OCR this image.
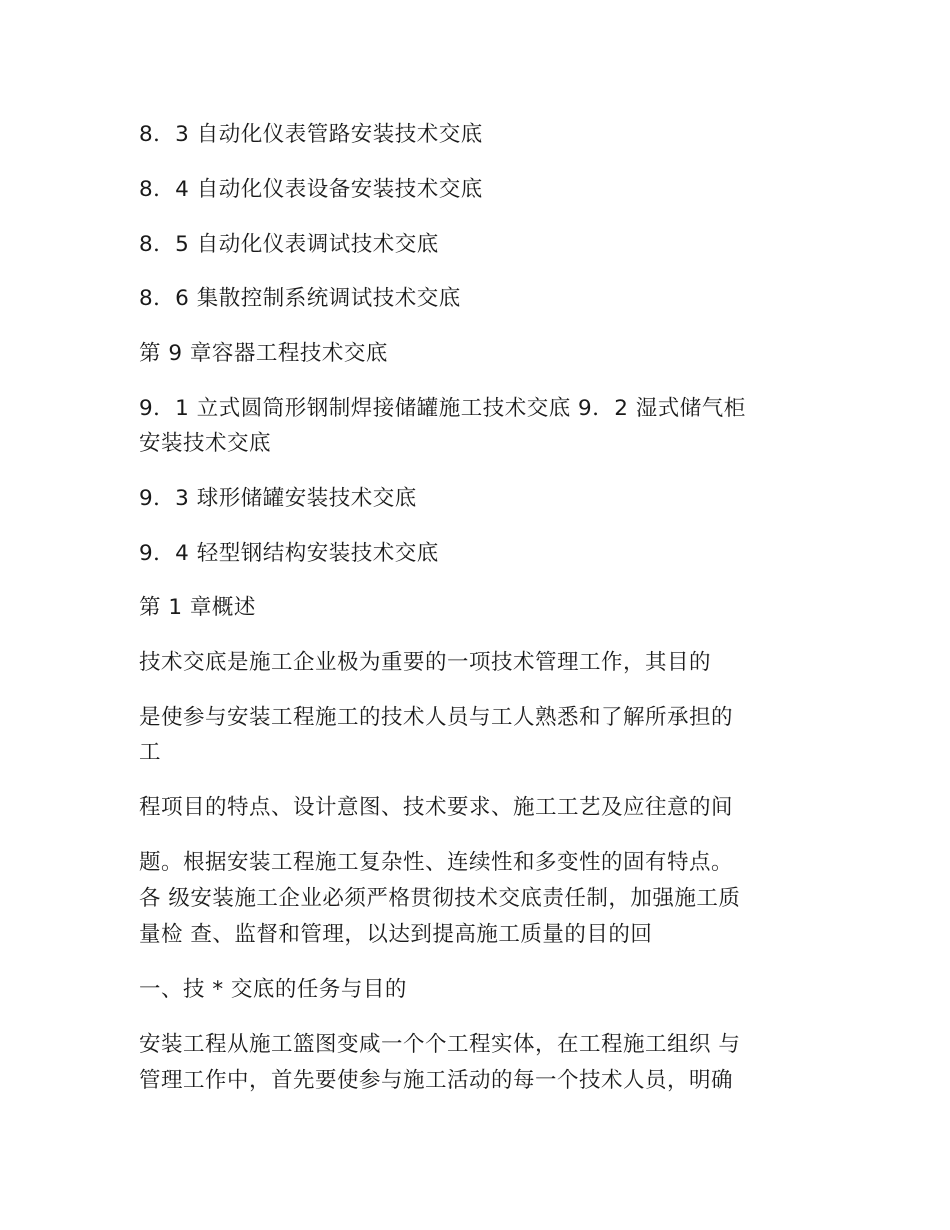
8．3 自动化仪表管路安装技术交底
8．4 自动化仪表设备安装技术交底
8．5 自动化仪表调试技术交底
8．6 集散控制系统调试技术交底
第 9 章容器工程技术交底
9．1 立式圆筒形钢制焊接储罐施工技术交底 9．2 湿式储气柜
安装技术交底
9．3 球形储罐安装技术交底
9．4 轻型钢结构安装技术交底
第 1 章概述
技术交底是施工企业极为重要的一项技术管理工作，其目的
是使参与安装工程施工的技术人员与工人熟悉和了解所承担的
工
程项目的特点、设计意图、技术要求、施工工艺及应往意的间
题。根据安装工程施工复杂性、连续性和多变性的固有特点。
各 级安装施工企业必须严格贯彻技术交底责任制，加强施工质
量检 查、监督和管理，以达到提高施工质量的目的回
一、技 * 交底的任务与目的
安装工程从施工篮图变咸一个个工程实体，在工程施工组织 与
管理工作中，首先要使参与施工活动的每一个技术人员，明确
